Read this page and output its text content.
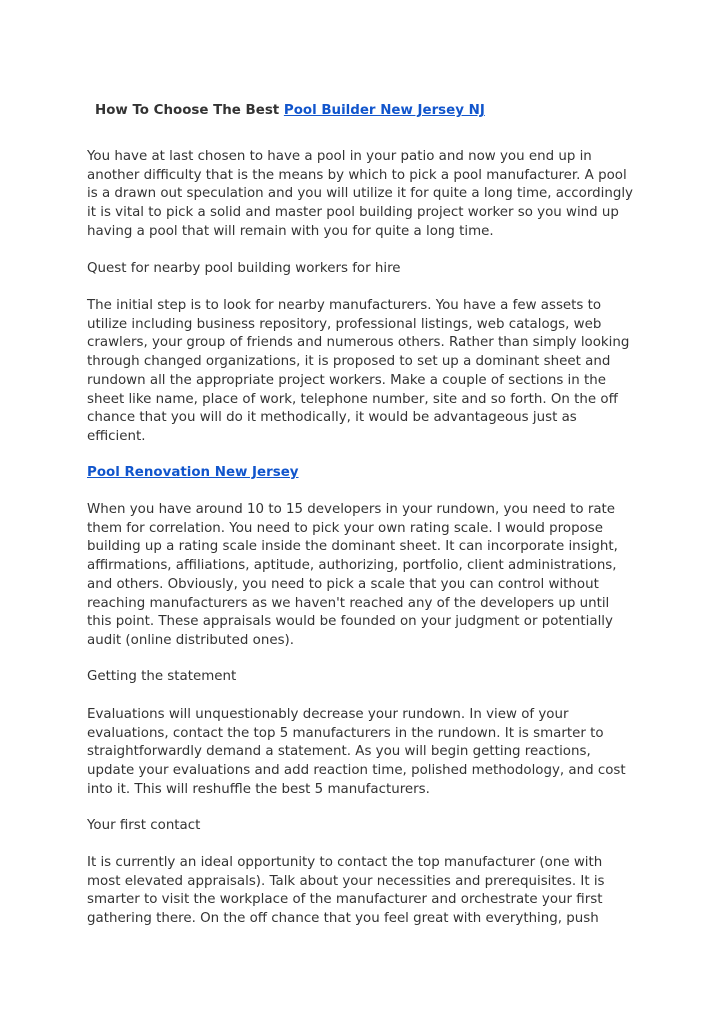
How To Choose The Best Pool Builder New Jersey NJ

You have at last chosen to have a pool in your patio and now you end up in
another difficulty that is the means by which to pick a pool manufacturer. A pool
is a drawn out speculation and you will utilize it for quite a long time, accordingly
it is vital to pick a solid and master pool building project worker so you wind up
having a pool that will remain with you for quite a long time.

Quest for nearby pool building workers for hire

The initial step is to look for nearby manufacturers. You have a few assets to
utilize including business repository, professional listings, web catalogs, web
crawlers, your group of friends and numerous others. Rather than simply looking
through changed organizations, it is proposed to set up a dominant sheet and
rundown all the appropriate project workers. Make a couple of sections in the
sheet like name, place of work, telephone number, site and so forth. On the off
chance that you will do it methodically, it would be advantageous just as
efficient.

Pool Renovation New Jersey

When you have around 10 to 15 developers in your rundown, you need to rate
them for correlation. You need to pick your own rating scale. I would propose
building up a rating scale inside the dominant sheet. It can incorporate insight,
affirmations, affiliations, aptitude, authorizing, portfolio, client administrations,
and others. Obviously, you need to pick a scale that you can control without
reaching manufacturers as we haven't reached any of the developers up until
this point. These appraisals would be founded on your judgment or potentially
audit (online distributed ones).

Getting the statement

Evaluations will unquestionably decrease your rundown. In view of your
evaluations, contact the top 5 manufacturers in the rundown. It is smarter to
straightforwardly demand a statement. As you will begin getting reactions,
update your evaluations and add reaction time, polished methodology, and cost
into it. This will reshuffle the best 5 manufacturers.

Your first contact

It is currently an ideal opportunity to contact the top manufacturer (one with
most elevated appraisals). Talk about your necessities and prerequisites. It is
smarter to visit the workplace of the manufacturer and orchestrate your first
gathering there. On the off chance that you feel great with everything, push
